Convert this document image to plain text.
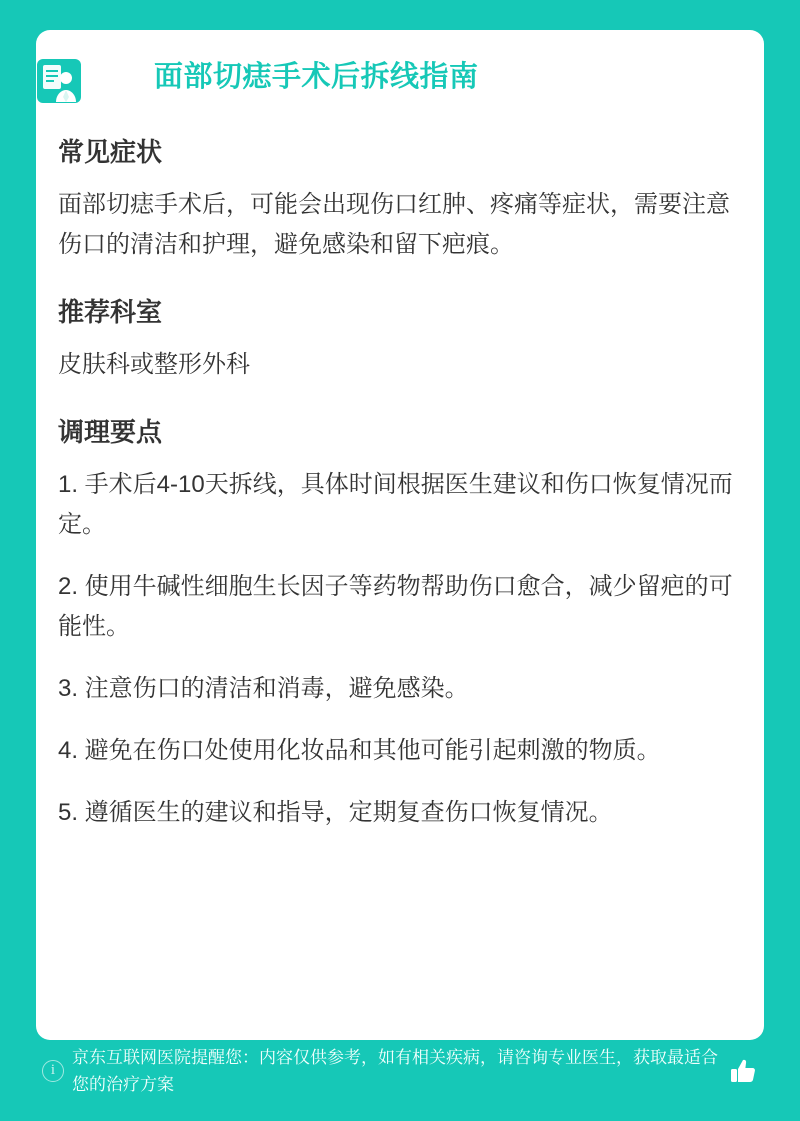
面部切痣手术后拆线指南
常见症状

面部切痣手术后，可能会出现伤口红肿、疼痛等症状，需要注意伤口的清洁和护理，避免感染和留下疤痕。

推荐科室

皮肤科或整形外科

调理要点

1. 手术后4-10天拆线，具体时间根据医生建议和伤口恢复情况而定。

2. 使用牛碱性细胞生长因子等药物帮助伤口愈合，减少留疤的可能性。

3. 注意伤口的清洁和消毒，避免感染。

4. 避免在伤口处使用化妆品和其他可能引起刺激的物质。

5. 遵循医生的建议和指导，定期复查伤口恢复情况。

i
京东互联网医院提醒您：内容仅供参考，如有相关疾病，请咨询专业医生，获取最适合您的治疗方案
